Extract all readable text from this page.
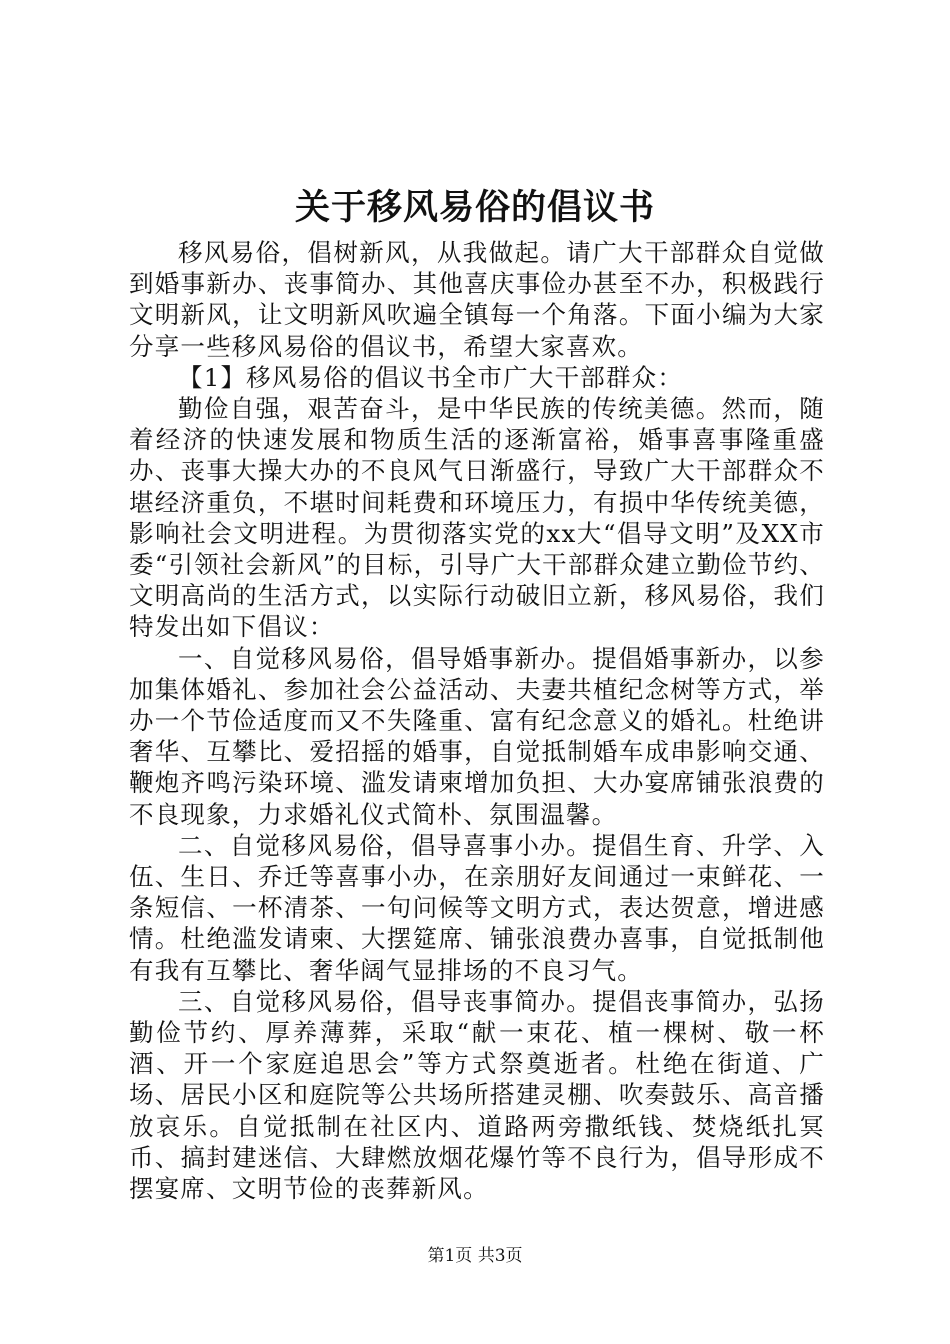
关于移风易俗的倡议书

移风易俗，倡树新风，从我做起。请广大干部群众自觉做到婚事新办、丧事简办、其他喜庆事俭办甚至不办，积极践行文明新风，让文明新风吹遍全镇每一个角落。下面小编为大家分享一些移风易俗的倡议书，希望大家喜欢。

【1】移风易俗的倡议书全市广大干部群众：

勤俭自强，艰苦奋斗，是中华民族的传统美德。然而，随着经济的快速发展和物质生活的逐渐富裕，婚事喜事隆重盛办、丧事大操大办的不良风气日渐盛行，导致广大干部群众不堪经济重负，不堪时间耗费和环境压力，有损中华传统美德，影响社会文明进程。为贯彻落实党的xx大“倡导文明”及XX市委“引领社会新风”的目标，引导广大干部群众建立勤俭节约、文明高尚的生活方式，以实际行动破旧立新，移风易俗，我们特发出如下倡议：

一、自觉移风易俗，倡导婚事新办。提倡婚事新办，以参加集体婚礼、参加社会公益活动、夫妻共植纪念树等方式，举办一个节俭适度而又不失隆重、富有纪念意义的婚礼。杜绝讲奢华、互攀比、爱招摇的婚事，自觉抵制婚车成串影响交通、鞭炮齐鸣污染环境、滥发请柬增加负担、大办宴席铺张浪费的不良现象，力求婚礼仪式简朴、氛围温馨。

二、自觉移风易俗，倡导喜事小办。提倡生育、升学、入伍、生日、乔迁等喜事小办，在亲朋好友间通过一束鲜花、一条短信、一杯清茶、一句问候等文明方式，表达贺意，增进感情。杜绝滥发请柬、大摆筵席、铺张浪费办喜事，自觉抵制他有我有互攀比、奢华阔气显排场的不良习气。

三、自觉移风易俗，倡导丧事简办。提倡丧事简办，弘扬勤俭节约、厚养薄葬，采取“献一束花、植一棵树、敬一杯酒、开一个家庭追思会”等方式祭奠逝者。杜绝在街道、广场、居民小区和庭院等公共场所搭建灵棚、吹奏鼓乐、高音播放哀乐。自觉抵制在社区内、道路两旁撒纸钱、焚烧纸扎冥币、搞封建迷信、大肆燃放烟花爆竹等不良行为，倡导形成不摆宴席、文明节俭的丧葬新风。

第1页 共3页
